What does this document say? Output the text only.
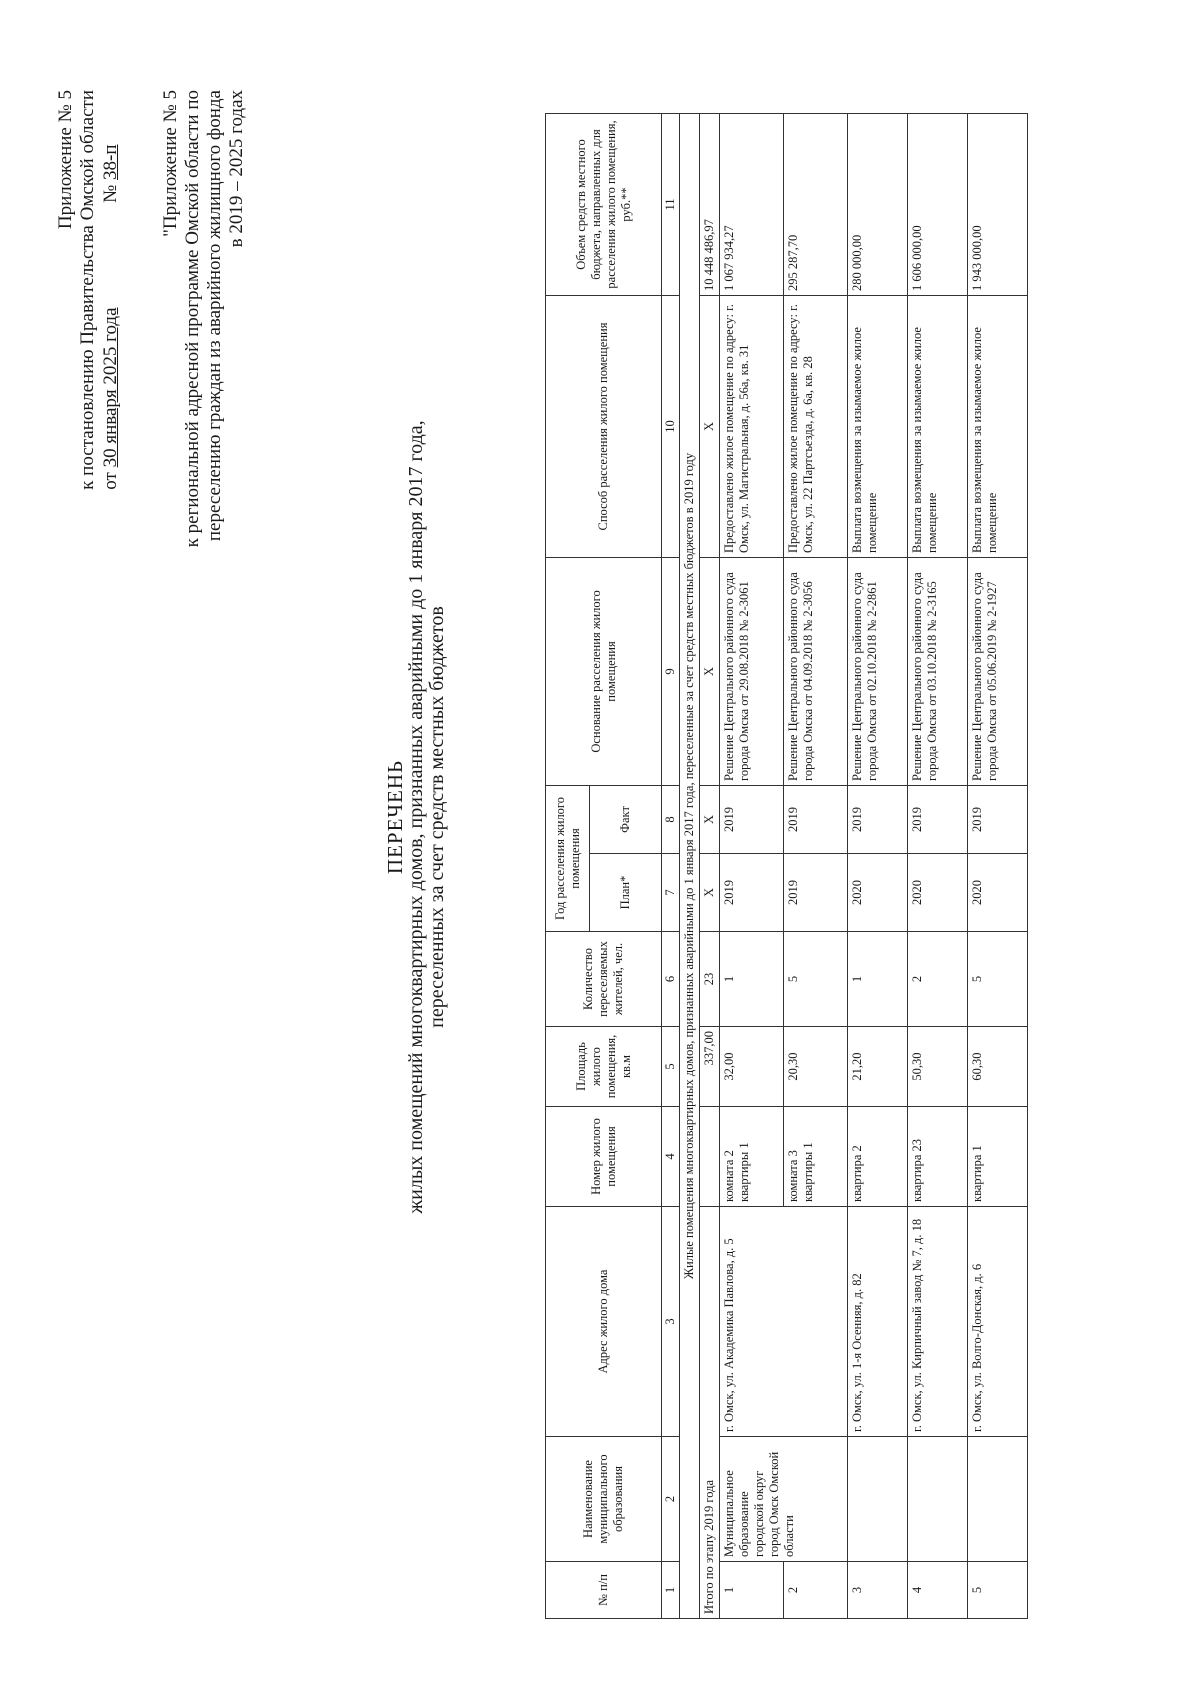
Приложение № 5 к постановлению Правительства Омской области от 30 января 2025 года  № 38-п "Приложение № 5 к региональной адресной программе Омской области по переселению граждан из аварийного жилищного фонда в 2019 – 2025 годах
ПЕРЕЧЕНЬ
жилых помещений многоквартирных домов, признанных аварийными до 1 января 2017 года, переселенных за счет средств местных бюджетов
№ п/п	Наименование муниципального образования	Адрес жилого дома	Номер жилого помещения	Площадь жилого помещения, кв.м	Количество переселяемых жителей, чел.	Год расселения жилого помещения		Основание расселения жилого помещения	Способ расселения жилого помещения	Объем средств местного бюджета, направленных для расселения жилого помещения, руб.**
						План*	Факт			
1	2	3	4	5	6	7	8	9	10	11
Жилые помещения многоквартирных домов, признанных аварийными до 1 января 2017 года, переселенные за счет средств местных бюджетов в 2019 году										
Итого по этапу 2019 года				337,00	23	X	X	X	X	10 448 486,97
1	Муниципальное образование городской округ город Омск Омской области	г. Омск, ул. Академика Павлова, д. 5	комната 2 квартиры 1	32,00	1	2019	2019	Решение Центрального районного суда города Омска от 29.08.2018 № 2-3061	Предоставлено жилое помещение по адресу: г. Омск, ул. Магистральная, д. 56а, кв. 31	1 067 934,27
2			комната 3 квартиры 1	20,30	5	2019	2019	Решение Центрального районного суда города Омска от 04.09.2018 № 2-3056	Предоставлено жилое помещение по адресу: г. Омск, ул. 22 Партсъезда, д. 6а, кв. 28	295 287,70
3		г. Омск, ул. 1-я Осенняя, д. 82	квартира 2	21,20	1	2020	2019	Решение Центрального районного суда города Омска от 02.10.2018 № 2-2861	Выплата возмещения за изымаемое жилое помещение	280 000,00
4		г. Омск, ул. Кирпичный завод № 7, д. 18	квартира 23	50,30	2	2020	2019	Решение Центрального районного суда города Омска от 03.10.2018 № 2-3165	Выплата возмещения за изымаемое жилое помещение	1 606 000,00
5		г. Омск, ул. Волго-Донская, д. 6	квартира 1	60,30	5	2020	2019	Решение Центрального районного суда города Омска от 05.06.2019 № 2-1927	Выплата возмещения за изымаемое жилое помещение	1 943 000,00
